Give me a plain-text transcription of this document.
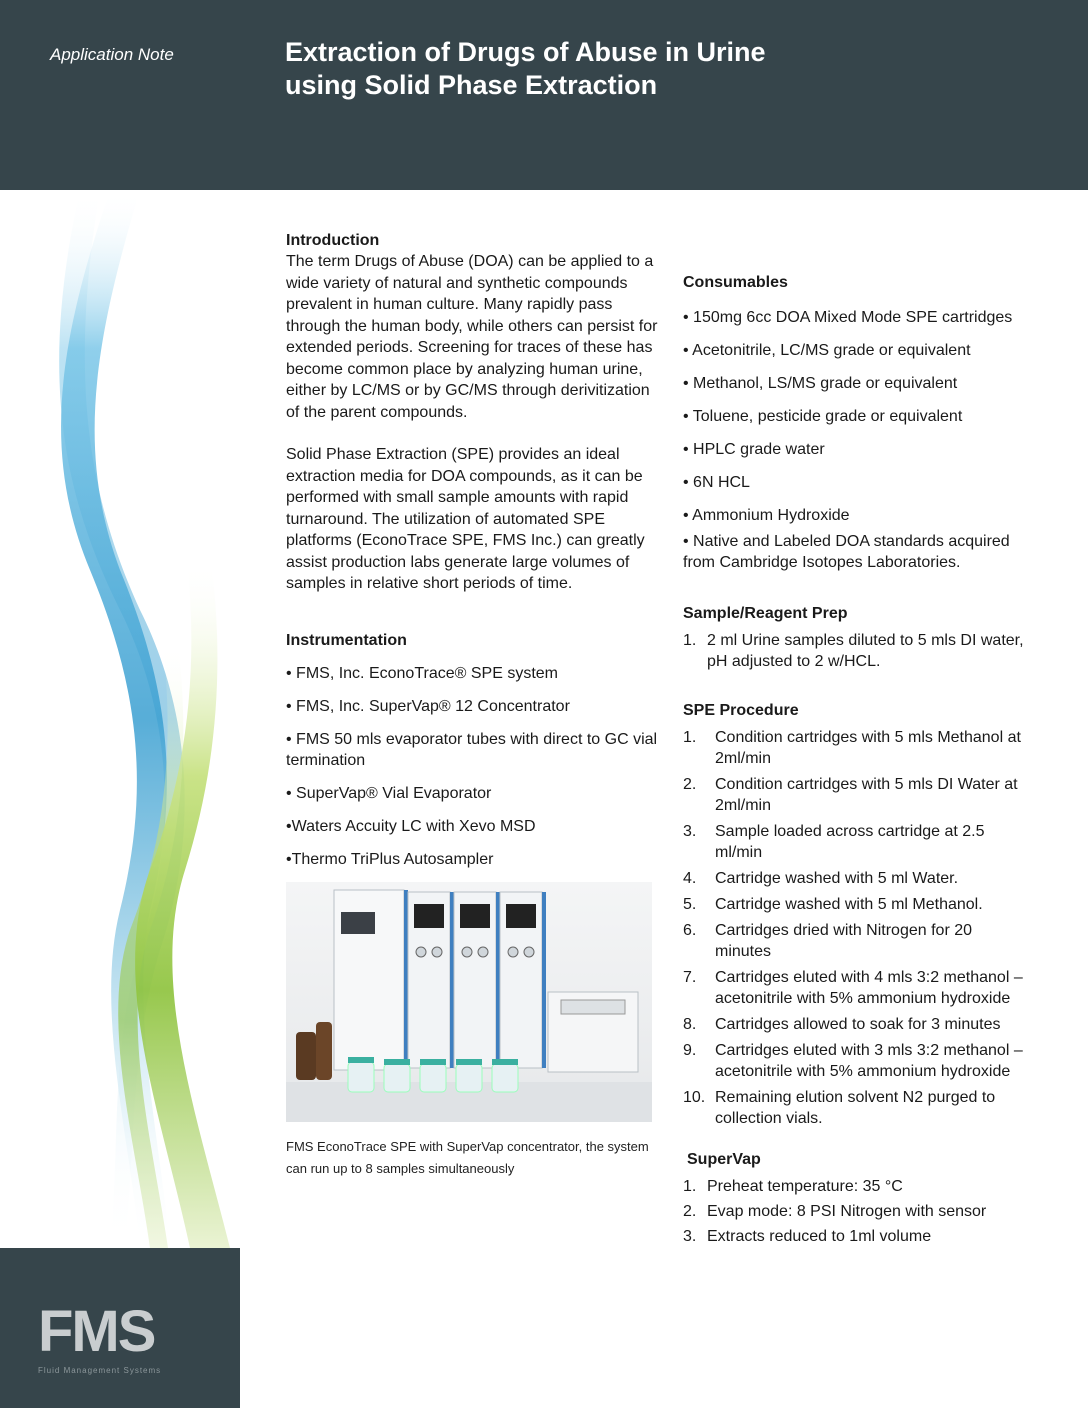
Application Note	Extraction of Drugs of Abuse in Urine
using Solid Phase Extraction
FMS
Fluid Management Systems
Introduction

The term Drugs of Abuse (DOA) can be applied to a wide variety of natural and synthetic compounds prevalent in human culture. Many rapidly pass through the human body, while others can persist for extended periods. Screening for traces of these has become common place by analyzing human urine, either by LC/MS or by GC/MS through derivitization of the parent compounds.

Solid Phase Extraction (SPE) provides an ideal extraction media for DOA compounds, as it can be performed with small sample amounts with rapid turnaround. The utilization of automated SPE platforms (EconoTrace SPE, FMS Inc.) can greatly assist production labs generate large volumes of samples in relative short periods of time.

Instrumentation

• FMS, Inc. EconoTrace® SPE system

• FMS, Inc. SuperVap® 12 Concentrator

• FMS 50 mls evaporator tubes with direct to GC vial termination

• SuperVap® Vial Evaporator

•Waters Accuity LC with Xevo MSD

•Thermo TriPlus Autosampler

FMS EconoTrace SPE with SuperVap concentrator, the system can run up to 8 samples simultaneously

Consumables

• 150mg 6cc DOA Mixed Mode SPE cartridges

• Acetonitrile, LC/MS grade or equivalent

• Methanol, LS/MS grade or equivalent

• Toluene, pesticide grade or equivalent

• HPLC grade water

• 6N HCL

• Ammonium Hydroxide

• Native and Labeled DOA standards acquired from Cambridge Isotopes Laboratories.

Sample/Reagent Prep
1. 2 ml Urine samples diluted to 5 mls DI water, pH adjusted to 2 w/HCL.
SPE Procedure
1. Condition cartridges with 5 mls Methanol at 2ml/min
2. Condition cartridges with 5 mls DI Water at 2ml/min
3. Sample loaded across cartridge at 2.5 ml/min
4. Cartridge washed with 5 ml Water.
5. Cartridge washed with 5 ml Methanol.
6. Cartridges dried with Nitrogen for 20 minutes
7. Cartridges eluted with 4 mls 3:2 methanol – acetonitrile with 5% ammonium hydroxide
8. Cartridges allowed to soak for 3 minutes
9. Cartridges eluted with 3 mls 3:2 methanol – acetonitrile with 5% ammonium hydroxide
10. Remaining elution solvent N2 purged to collection vials.
SuperVap
1. Preheat temperature: 35 °C
2. Evap mode: 8 PSI Nitrogen with sensor
3. Extracts reduced to 1ml volume
